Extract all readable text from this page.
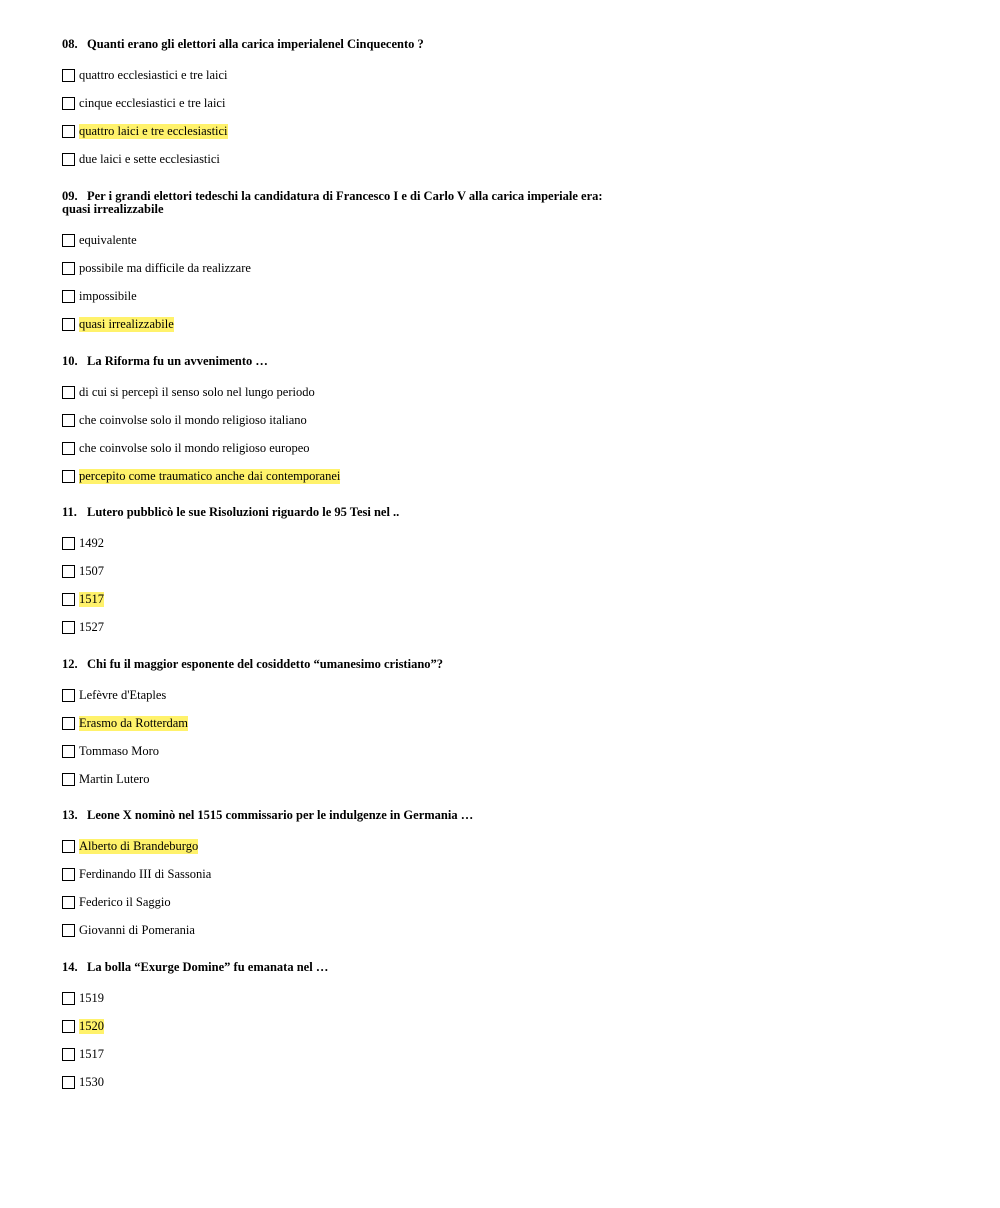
08. Quanti erano gli elettori alla carica imperialenel Cinquecento ?
quattro ecclesiastici e tre laici
cinque ecclesiastici e tre laici
quattro laici e tre ecclesiastici
due laici e sette ecclesiastici
09. Per i grandi elettori tedeschi la candidatura di Francesco I e di Carlo V alla carica imperiale era:
quasi irrealizzabile
equivalente
possibile ma difficile da realizzare
impossibile
quasi irrealizzabile
10. La Riforma fu un avvenimento …
di cui si percepì il senso solo nel lungo periodo
che coinvolse solo il mondo religioso italiano
che coinvolse solo il mondo religioso europeo
percepito come traumatico anche dai contemporanei
11. Lutero pubblicò le sue Risoluzioni riguardo le 95 Tesi nel ..
1492
1507
1517
1527
12. Chi fu il maggior esponente del cosiddetto “umanesimo cristiano”?
Lefèvre d'Etaples
Erasmo da Rotterdam
Tommaso Moro
Martin Lutero
13. Leone X nominò nel 1515 commissario per le indulgenze in Germania …
Alberto di Brandeburgo
Ferdinando III di Sassonia
Federico il Saggio
Giovanni di Pomerania
14. La bolla “Exurge Domine” fu emanata nel …
1519
1520
1517
1530
